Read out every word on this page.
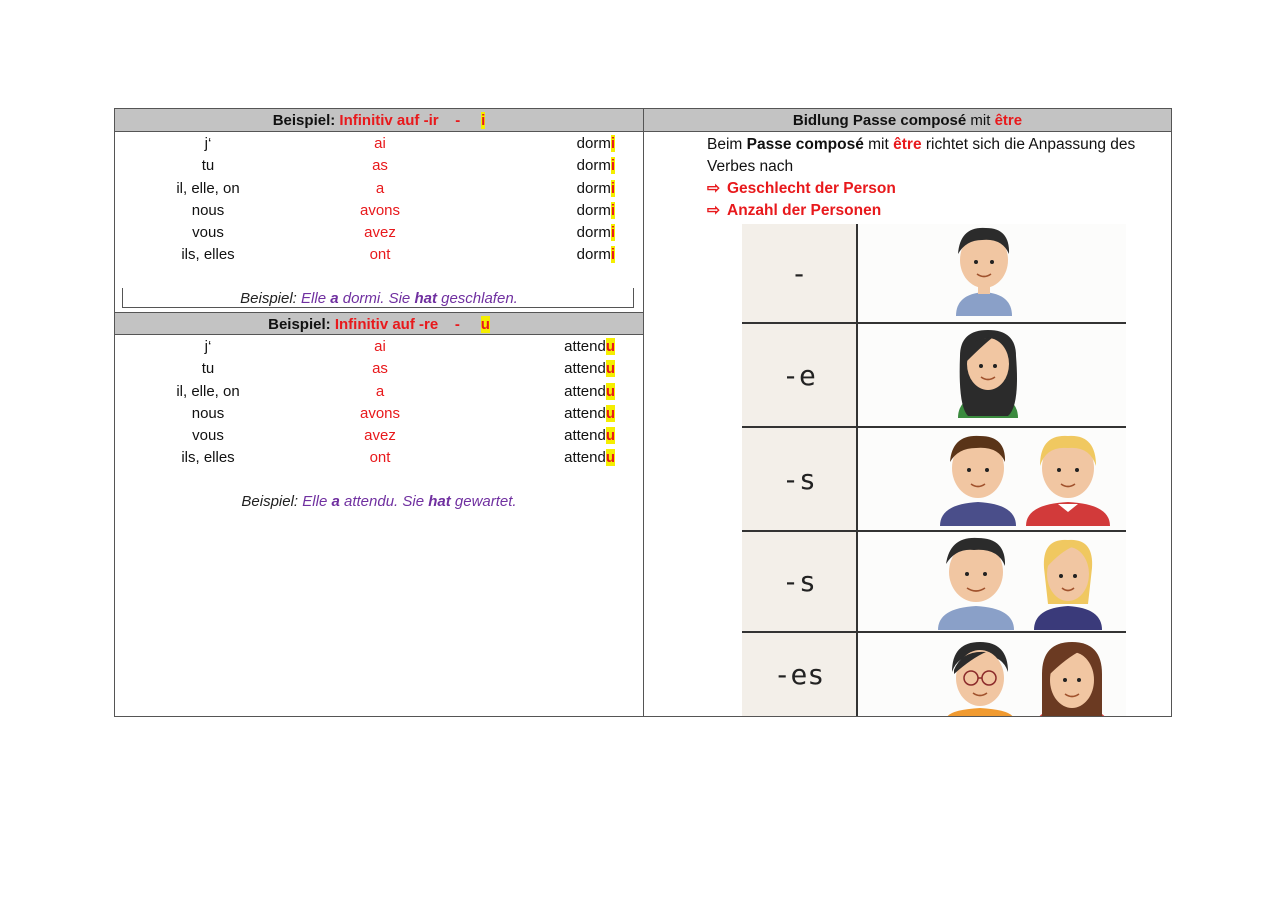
Beispiel: Infinitiv auf -ir - i
j‘	ai	dormi
tu	as	dormi
il, elle, on	a	dormi
nous	avons	dormi
vous	avez	dormi
ils, elles	ont	dormi
Beispiel: Elle a dormi. Sie hat geschlafen.
Beispiel: Infinitiv auf -re - u
j‘	ai	attendu
tu	as	attendu
il, elle, on	a	attendu
nous	avons	attendu
vous	avez	attendu
ils, elles	ont	attendu
Beispiel: Elle a attendu. Sie hat gewartet.
Bidlung Passe composé mit être
Beim Passe composé mit être richtet sich die Anpassung des Verbes nach
⇨ Geschlecht der Person
⇨ Anzahl der Personen
-
-e
-s
-s
-es
